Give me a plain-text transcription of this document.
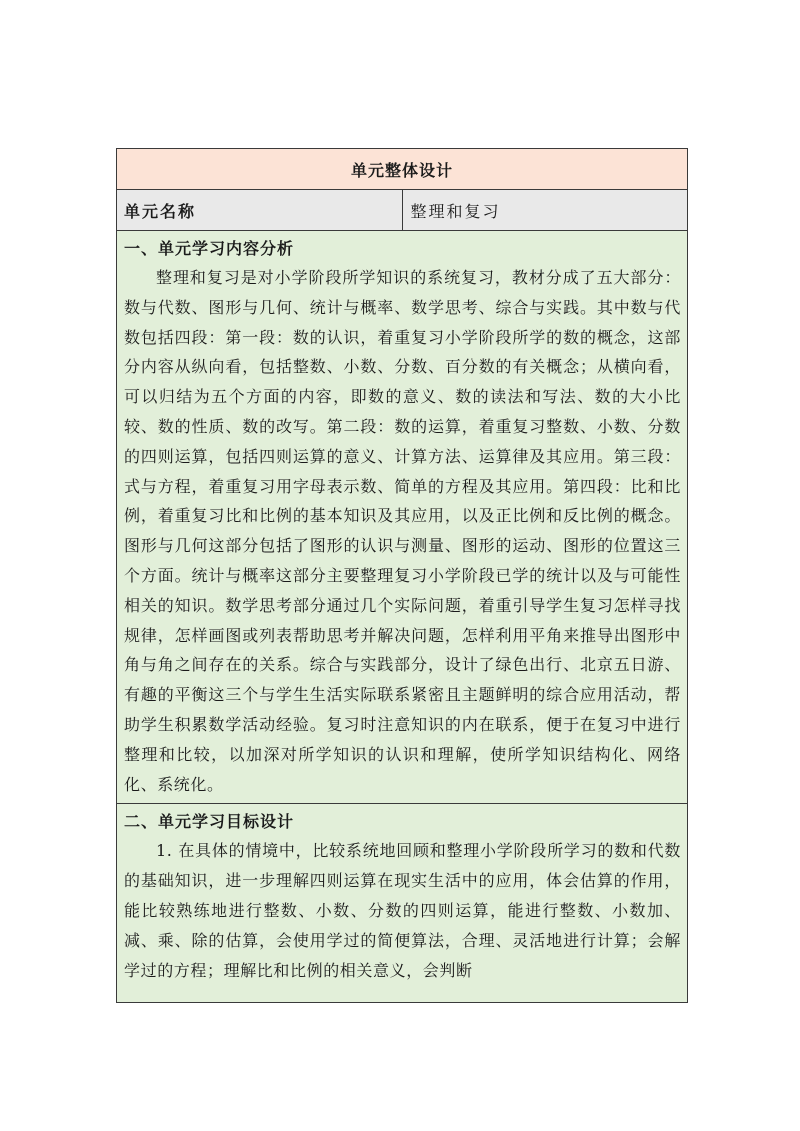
单元整体设计
单元名称	整理和复习

一、单元学习内容分析

整理和复习是对小学阶段所学知识的系统复习，教材分成了五大部分：数与代数、图形与几何、统计与概率、数学思考、综合与实践。其中数与代数包括四段：第一段：数的认识，着重复习小学阶段所学的数的概念，这部分内容从纵向看，包括整数、小数、分数、百分数的有关概念；从横向看，可以归结为五个方面的内容，即数的意义、数的读法和写法、数的大小比较、数的性质、数的改写。第二段：数的运算，着重复习整数、小数、分数的四则运算，包括四则运算的意义、计算方法、运算律及其应用。第三段：式与方程，着重复习用字母表示数、简单的方程及其应用。第四段：比和比例，着重复习比和比例的基本知识及其应用，以及正比例和反比例的概念。图形与几何这部分包括了图形的认识与测量、图形的运动、图形的位置这三个方面。统计与概率这部分主要整理复习小学阶段已学的统计以及与可能性相关的知识。数学思考部分通过几个实际问题，着重引导学生复习怎样寻找规律，怎样画图或列表帮助思考并解决问题，怎样利用平角来推导出图形中角与角之间存在的关系。综合与实践部分，设计了绿色出行、北京五日游、有趣的平衡这三个与学生生活实际联系紧密且主题鲜明的综合应用活动，帮助学生积累数学活动经验。复习时注意知识的内在联系，便于在复习中进行整理和比较，以加深对所学知识的认识和理解，使所学知识结构化、网络化、系统化。

二、单元学习目标设计

1. 在具体的情境中，比较系统地回顾和整理小学阶段所学习的数和代数的基础知识，进一步理解四则运算在现实生活中的应用，体会估算的作用，能比较熟练地进行整数、小数、分数的四则运算，能进行整数、小数加、减、乘、除的估算，会使用学过的简便算法，合理、灵活地进行计算；会解学过的方程；理解比和比例的相关意义，会判断
